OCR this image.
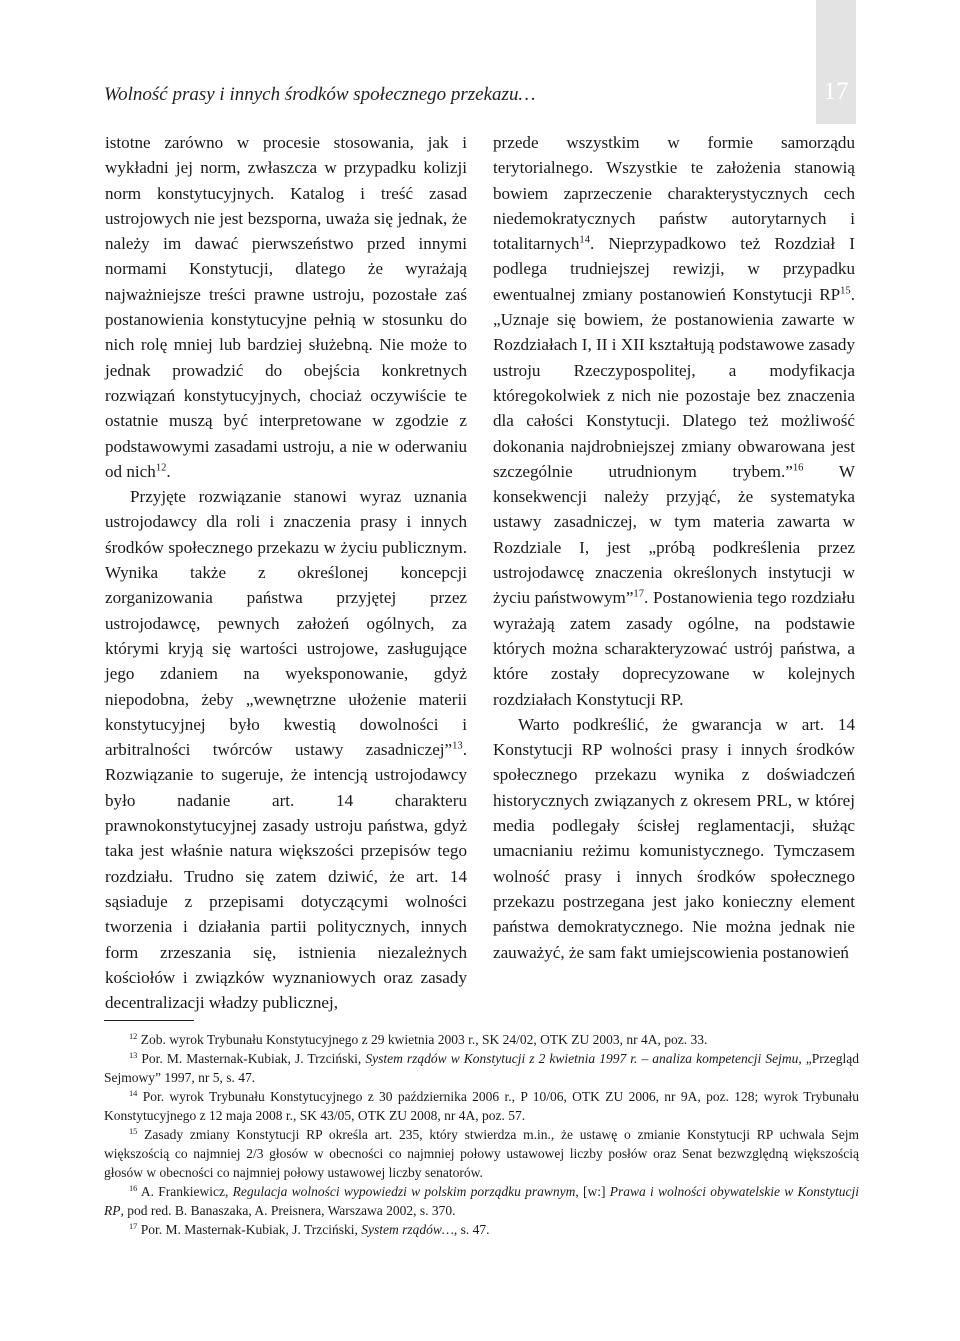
17
Wolność prasy i innych środków społecznego przekazu…

istotne zarówno w procesie stosowania, jak i wykładni jej norm, zwłaszcza w przypadku kolizji norm konstytucyjnych. Katalog i treść zasad ustrojowych nie jest bezsporna, uważa się jednak, że należy im dawać pierwszeństwo przed innymi normami Konstytucji, dlatego że wyrażają najważniejsze treści prawne ustroju, pozostałe zaś postanowienia konstytucyjne pełnią w stosunku do nich rolę mniej lub bardziej służebną. Nie może to jednak prowadzić do obejścia konkretnych rozwiązań konstytucyjnych, chociaż oczywiście te ostatnie muszą być interpretowane w zgodzie z podstawowymi zasadami ustroju, a nie w oderwaniu od nich$^{12}$.

Przyjęte rozwiązanie stanowi wyraz uznania ustrojodawcy dla roli i znaczenia prasy i innych środków społecznego przekazu w życiu publicznym. Wynika także z określonej koncepcji zorganizowania państwa przyjętej przez ustrojodawcę, pewnych założeń ogólnych, za którymi kryją się wartości ustrojowe, zasługujące jego zdaniem na wyeksponowanie, gdyż niepodobna, żeby „wewnętrzne ułożenie materii konstytucyjnej było kwestią dowolności i arbitralności twórców ustawy zasadniczej”$^{13}$. Rozwiązanie to sugeruje, że intencją ustrojodawcy było nadanie art. 14 charakteru prawnokonstytucyjnej zasady ustroju państwa, gdyż taka jest właśnie natura większości przepisów tego rozdziału. Trudno się zatem dziwić, że art. 14 sąsiaduje z przepisami dotyczącymi wolności tworzenia i działania partii politycznych, innych form zrzeszania się, istnienia niezależnych kościołów i związków wyznaniowych oraz zasady decentralizacji władzy publicznej,

przede wszystkim w formie samorządu terytorialnego. Wszystkie te założenia stanowią bowiem zaprzeczenie charakterystycznych cech niedemokratycznych państw autorytarnych i totalitarnych$^{14}$. Nieprzypadkowo też Rozdział I podlega trudniejszej rewizji, w przypadku ewentualnej zmiany postanowień Konstytucji RP$^{15}$. „Uznaje się bowiem, że postanowienia zawarte w Rozdziałach I, II i XII kształtują podstawowe zasady ustroju Rzeczypospolitej, a modyfikacja któregokolwiek z nich nie pozostaje bez znaczenia dla całości Konstytucji. Dlatego też możliwość dokonania najdrobniejszej zmiany obwarowana jest szczególnie utrudnionym trybem.”$^{16}$ W konsekwencji należy przyjąć, że systematyka ustawy zasadniczej, w tym materia zawarta w Rozdziale I, jest „próbą podkreślenia przez ustrojodawcę znaczenia określonych instytucji w życiu państwowym”$^{17}$. Postanowienia tego rozdziału wyrażają zatem zasady ogólne, na podstawie których można scharakteryzować ustrój państwa, a które zostały doprecyzowane w kolejnych rozdziałach Konstytucji RP.

Warto podkreślić, że gwarancja w art. 14 Konstytucji RP wolności prasy i innych środków społecznego przekazu wynika z doświadczeń historycznych związanych z okresem PRL, w której media podlegały ścisłej reglamentacji, służąc umacnianiu reżimu komunistycznego. Tymczasem wolność prasy i innych środków społecznego przekazu postrzegana jest jako konieczny element państwa demokratycznego. Nie można jednak nie zauważyć, że sam fakt umiejscowienia postanowień

$^{12}$ Zob. wyrok Trybunału Konstytucyjnego z 29 kwietnia 2003 r., SK 24/02, OTK ZU 2003, nr 4A, poz. 33.

$^{13}$ Por. M. Masternak-Kubiak, J. Trzciński, System rządów w Konstytucji z 2 kwietnia 1997 r. – analiza kompetencji Sejmu, „Przegląd Sejmowy” 1997, nr 5, s. 47.

$^{14}$ Por. wyrok Trybunału Konstytucyjnego z 30 października 2006 r., P 10/06, OTK ZU 2006, nr 9A, poz. 128; wyrok Trybunału Konstytucyjnego z 12 maja 2008 r., SK 43/05, OTK ZU 2008, nr 4A, poz. 57.

$^{15}$ Zasady zmiany Konstytucji RP określa art. 235, który stwierdza m.in., że ustawę o zmianie Konstytucji RP uchwala Sejm większością co najmniej 2/3 głosów w obecności co najmniej połowy ustawowej liczby posłów oraz Senat bezwzględną większością głosów w obecności co najmniej połowy ustawowej liczby senatorów.

$^{16}$ A. Frankiewicz, Regulacja wolności wypowiedzi w polskim porządku prawnym, [w:] Prawa i wolności obywatelskie w Konstytucji RP, pod red. B. Banaszaka, A. Preisnera, Warszawa 2002, s. 370.

$^{17}$ Por. M. Masternak-Kubiak, J. Trzciński, System rządów…, s. 47.
